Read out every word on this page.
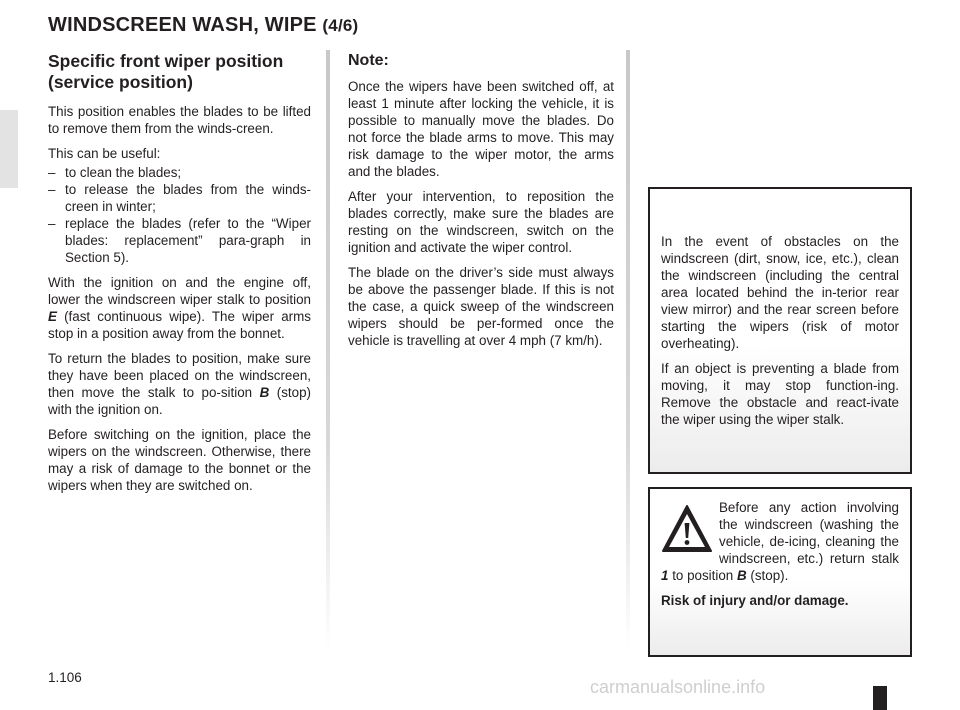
WINDSCREEN WASH, WIPE (4/6)
Specific front wiper position (service position)

This position enables the blades to be lifted to remove them from the winds-creen.

This can be useful:

– to clean the blades;
– to release the blades from the winds-creen in winter;
– replace the blades (refer to the “Wiper blades: replacement” para-graph in Section 5).

With the ignition on and the engine off, lower the windscreen wiper stalk to position E (fast continuous wipe). The wiper arms stop in a position away from the bonnet.

To return the blades to position, make sure they have been placed on the windscreen, then move the stalk to po-sition B (stop) with the ignition on.

Before switching on the ignition, place the wipers on the windscreen. Otherwise, there may a risk of damage to the bonnet or the wipers when they are switched on.

Note:

Once the wipers have been switched off, at least 1 minute after locking the vehicle, it is possible to manually move the blades. Do not force the blade arms to move. This may risk damage to the wiper motor, the arms and the blades.

After your intervention, to reposition the blades correctly, make sure the blades are resting on the windscreen, switch on the ignition and activate the wiper control.

The blade on the driver’s side must always be above the passenger blade. If this is not the case, a quick sweep of the windscreen wipers should be per-formed once the vehicle is travelling at over 4 mph (7 km/h).

In the event of obstacles on the windscreen (dirt, snow, ice, etc.), clean the windscreen (including the central area located behind the in-terior rear view mirror) and the rear screen before starting the wipers (risk of motor overheating).

If an object is preventing a blade from moving, it may stop function-ing. Remove the obstacle and react-ivate the wiper using the wiper stalk.

Before any action involving the windscreen (washing the vehicle, de-icing, cleaning the windscreen, etc.) return stalk 1 to position B (stop).

Risk of injury and/or damage.

1.106	carmanualsonline.info
